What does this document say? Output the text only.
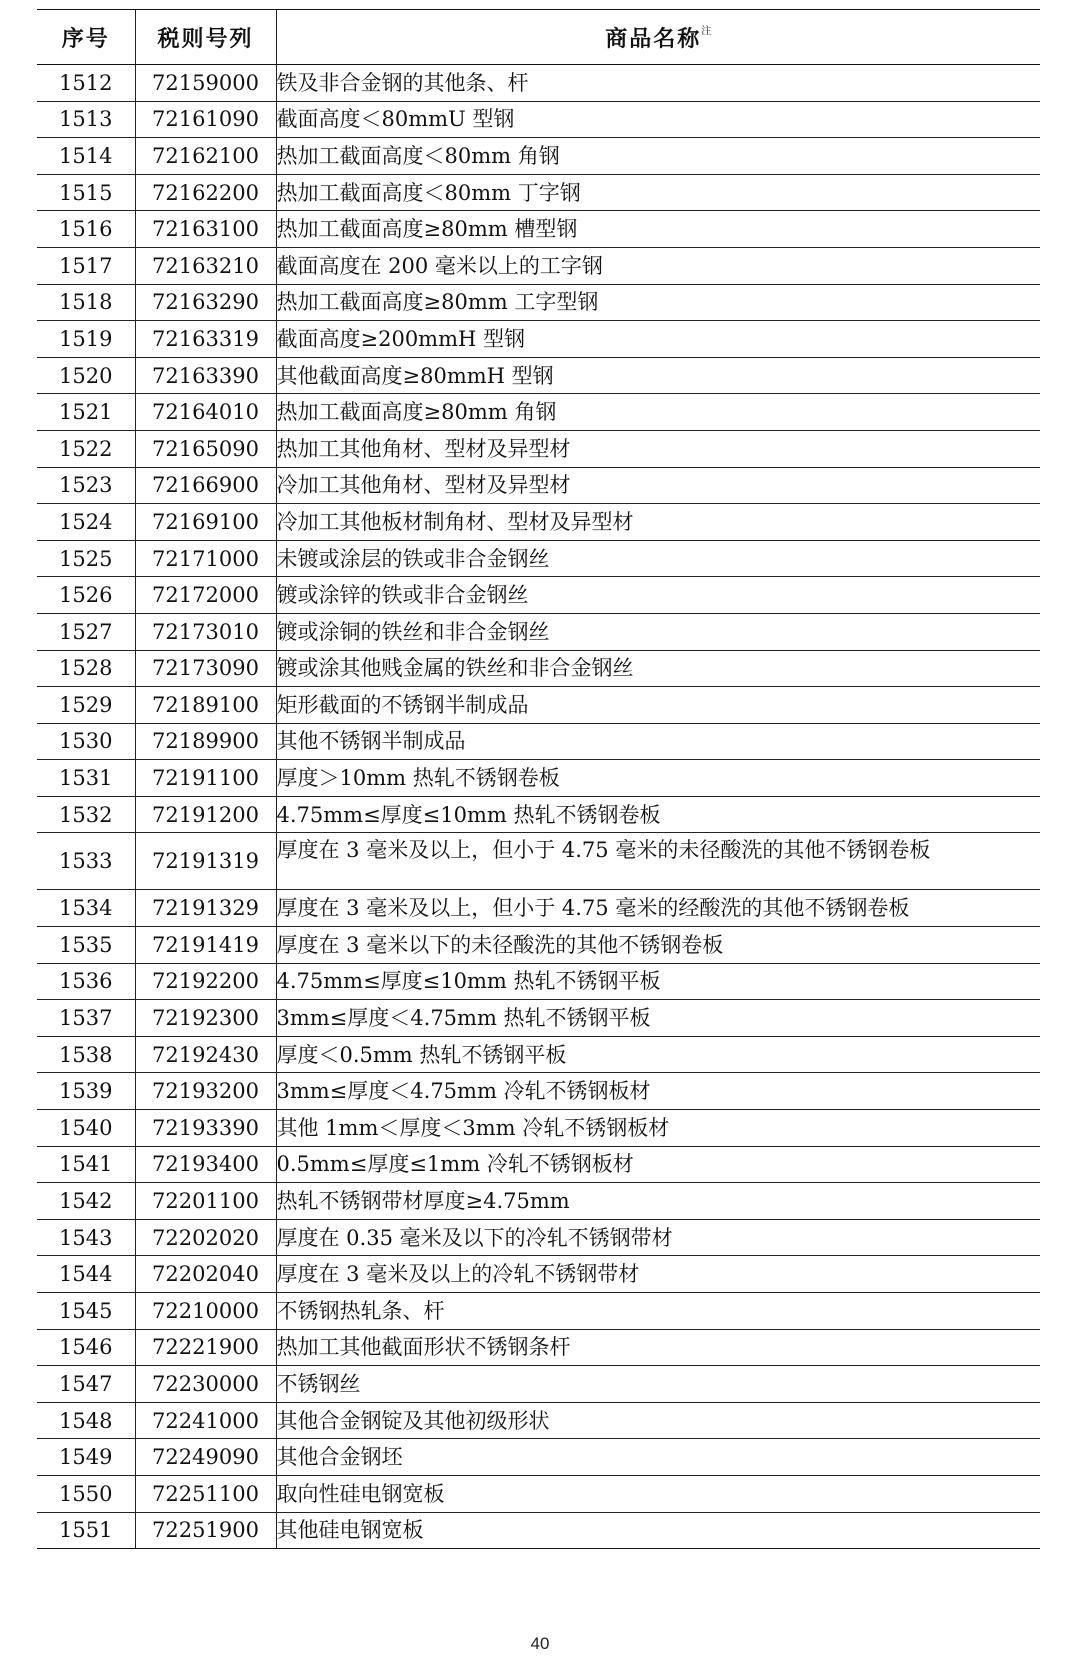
序号	税则号列	商品名称$^注$
1512	72159000	铁及非合金钢的其他条、杆
1513	72161090	截面高度＜80mmU 型钢
1514	72162100	热加工截面高度＜80mm 角钢
1515	72162200	热加工截面高度＜80mm 丁字钢
1516	72163100	热加工截面高度≥80mm 槽型钢
1517	72163210	截面高度在 200 毫米以上的工字钢
1518	72163290	热加工截面高度≥80mm 工字型钢
1519	72163319	截面高度≥200mmH 型钢
1520	72163390	其他截面高度≥80mmH 型钢
1521	72164010	热加工截面高度≥80mm 角钢
1522	72165090	热加工其他角材、型材及异型材
1523	72166900	冷加工其他角材、型材及异型材
1524	72169100	冷加工其他板材制角材、型材及异型材
1525	72171000	未镀或涂层的铁或非合金钢丝
1526	72172000	镀或涂锌的铁或非合金钢丝
1527	72173010	镀或涂铜的铁丝和非合金钢丝
1528	72173090	镀或涂其他贱金属的铁丝和非合金钢丝
1529	72189100	矩形截面的不锈钢半制成品
1530	72189900	其他不锈钢半制成品
1531	72191100	厚度＞10mm 热轧不锈钢卷板
1532	72191200	4.75mm≤厚度≤10mm 热轧不锈钢卷板
1533	72191319	厚度在 3 毫米及以上，但小于 4.75 毫米的未径酸洗的其他不锈钢卷板
1534	72191329	厚度在 3 毫米及以上，但小于 4.75 毫米的经酸洗的其他不锈钢卷板
1535	72191419	厚度在 3 毫米以下的未径酸洗的其他不锈钢卷板
1536	72192200	4.75mm≤厚度≤10mm 热轧不锈钢平板
1537	72192300	3mm≤厚度＜4.75mm 热轧不锈钢平板
1538	72192430	厚度＜0.5mm 热轧不锈钢平板
1539	72193200	3mm≤厚度＜4.75mm 冷轧不锈钢板材
1540	72193390	其他 1mm＜厚度＜3mm 冷轧不锈钢板材
1541	72193400	0.5mm≤厚度≤1mm 冷轧不锈钢板材
1542	72201100	热轧不锈钢带材厚度≥4.75mm
1543	72202020	厚度在 0.35 毫米及以下的冷轧不锈钢带材
1544	72202040	厚度在 3 毫米及以上的冷轧不锈钢带材
1545	72210000	不锈钢热轧条、杆
1546	72221900	热加工其他截面形状不锈钢条杆
1547	72230000	不锈钢丝
1548	72241000	其他合金钢锭及其他初级形状
1549	72249090	其他合金钢坯
1550	72251100	取向性硅电钢宽板
1551	72251900	其他硅电钢宽板
40
